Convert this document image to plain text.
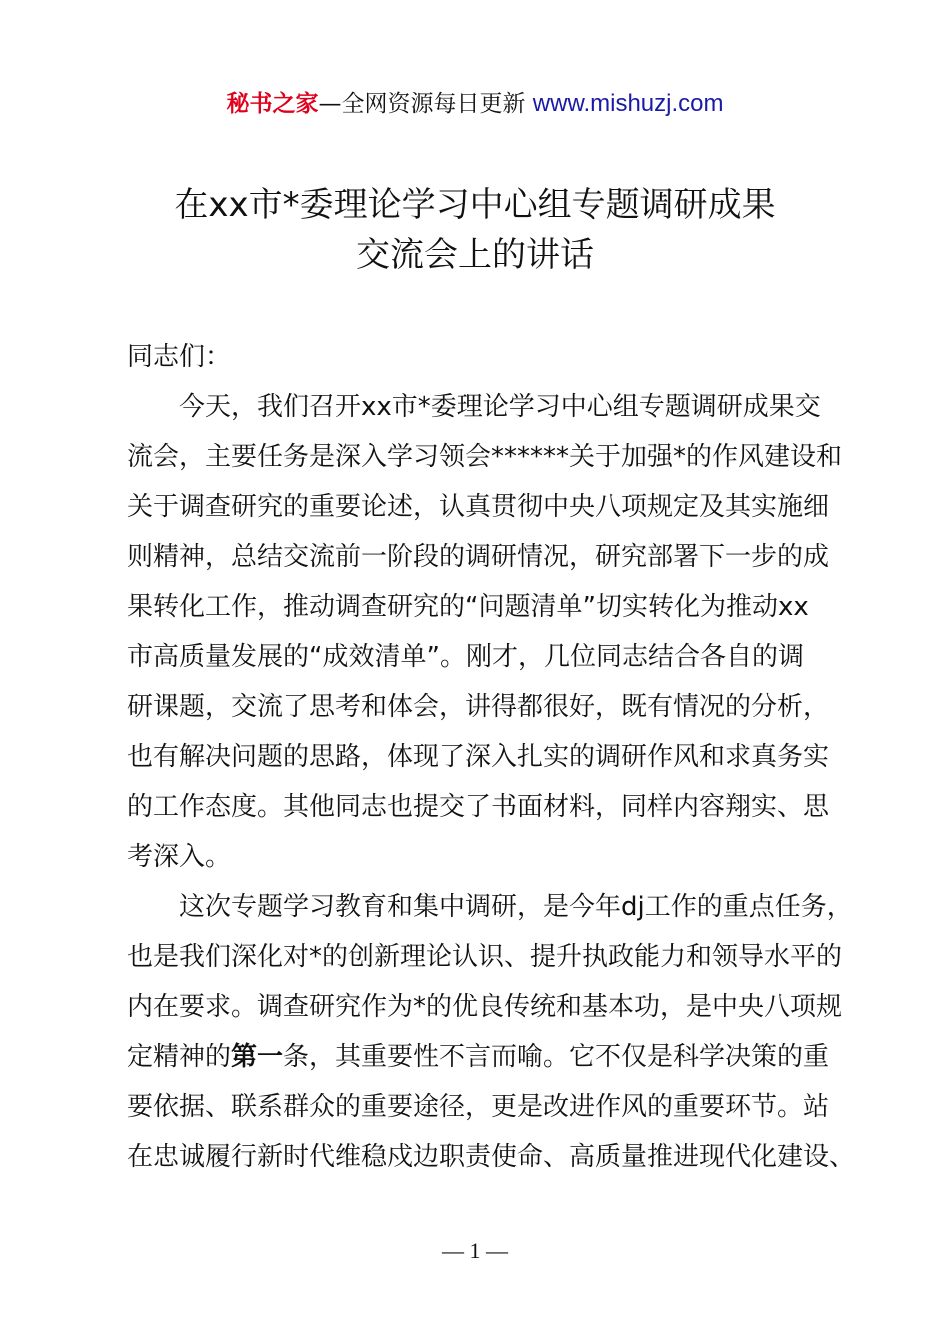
秘书之家—全网资源每日更新 www.mishuzj.com
在xx市*委理论学习中心组专题调研成果
交流会上的讲话
同志们：
今天，我们召开xx市*委理论学习中心组专题调研成果交
流会，主要任务是深入学习领会******关于加强*的作风建设和
关于调查研究的重要论述，认真贯彻中央八项规定及其实施细
则精神，总结交流前一阶段的调研情况，研究部署下一步的成
果转化工作，推动调查研究的“问题清单”切实转化为推动xx
市高质量发展的“成效清单”。刚才，几位同志结合各自的调
研课题，交流了思考和体会，讲得都很好，既有情况的分析，
也有解决问题的思路，体现了深入扎实的调研作风和求真务实
的工作态度。其他同志也提交了书面材料，同样内容翔实、思
考深入。
这次专题学习教育和集中调研，是今年dj工作的重点任务，
也是我们深化对*的创新理论认识、提升执政能力和领导水平的
内在要求。调查研究作为*的优良传统和基本功，是中央八项规
定精神的第一条，其重要性不言而喻。它不仅是科学决策的重
要依据、联系群众的重要途径，更是改进作风的重要环节。站
在忠诚履行新时代维稳戍边职责使命、高质量推进现代化建设、
— 1 —
